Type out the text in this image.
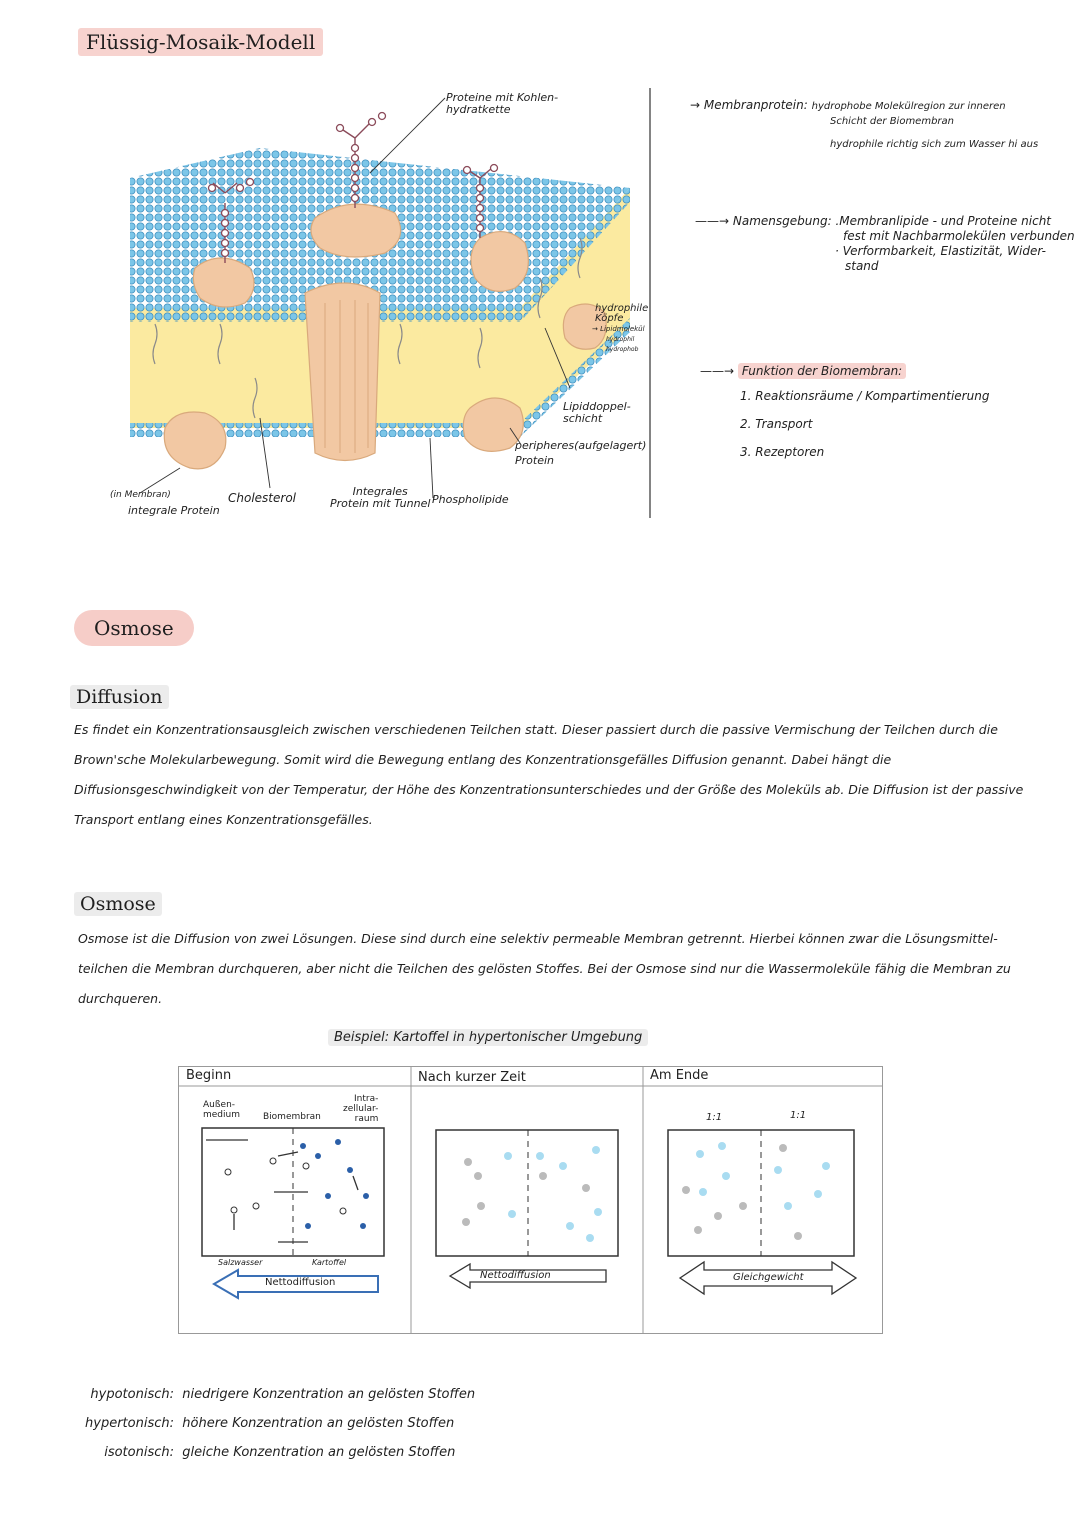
Flüssig-Mosaik-Modell
Proteine mit Kohlen-
hydratkette
hydrophile
Köpfe
→ Lipidmolekül
hydrophil
hydrophob
Lipiddoppel-
schicht
peripheres(aufgelagert)
Protein
(in Membran)
integrale Protein
Cholesterol	Integrales
Protein mit Tunnel Phospholipide
→ Membranprotein: hydrophobe Molekülregion zur inneren
Schicht der Biomembran
hydrophile richtig sich zum Wasser hi aus
——→ Namensgebung: .Membranlipide - und Proteine nicht
fest mit Nachbarmolekülen verbunden
· Verformbarkeit, Elastizität, Wider-
stand
——→ Funktion der Biomembran:
1. Reaktionsräume / Kompartimentierung
2. Transport
3. Rezeptoren
Osmose
Diffusion
Es findet ein Konzentrationsausgleich zwischen verschiedenen Teilchen statt. Dieser passiert durch die passive Vermischung der Teilchen durch die Brown'sche Molekularbewegung. Somit wird die Bewegung entlang des Konzentrationsgefälles Diffusion genannt. Dabei hängt die Diffusionsgeschwindigkeit von der Temperatur, der Höhe des Konzentrationsunterschiedes und der Größe des Moleküls ab. Die Diffusion ist der passive Transport entlang eines Konzentrationsgefälles.
Osmose
Osmose ist die Diffusion von zwei Lösungen. Diese sind durch eine selektiv permeable Membran getrennt. Hierbei können zwar die Lösungsmittel-teilchen die Membran durchqueren, aber nicht die Teilchen des gelösten Stoffes. Bei der Osmose sind nur die Wassermoleküle fähig die Membran zu durchqueren.
Beispiel: Kartoffel in hypertonischer Umgebung
Beginn	Nach kurzer Zeit	Am Ende
Außen-
medium	Biomembran
Intra-
zellular-
raum
Salzwasser	Kartoffel
Nettodiffusion
Nettodiffusion
1:1	1:1
Gleichgewicht
hypotonisch: niedrigere Konzentration an gelösten Stoffen
hypertonisch: höhere Konzentration an gelösten Stoffen
isotonisch: gleiche Konzentration an gelösten Stoffen
